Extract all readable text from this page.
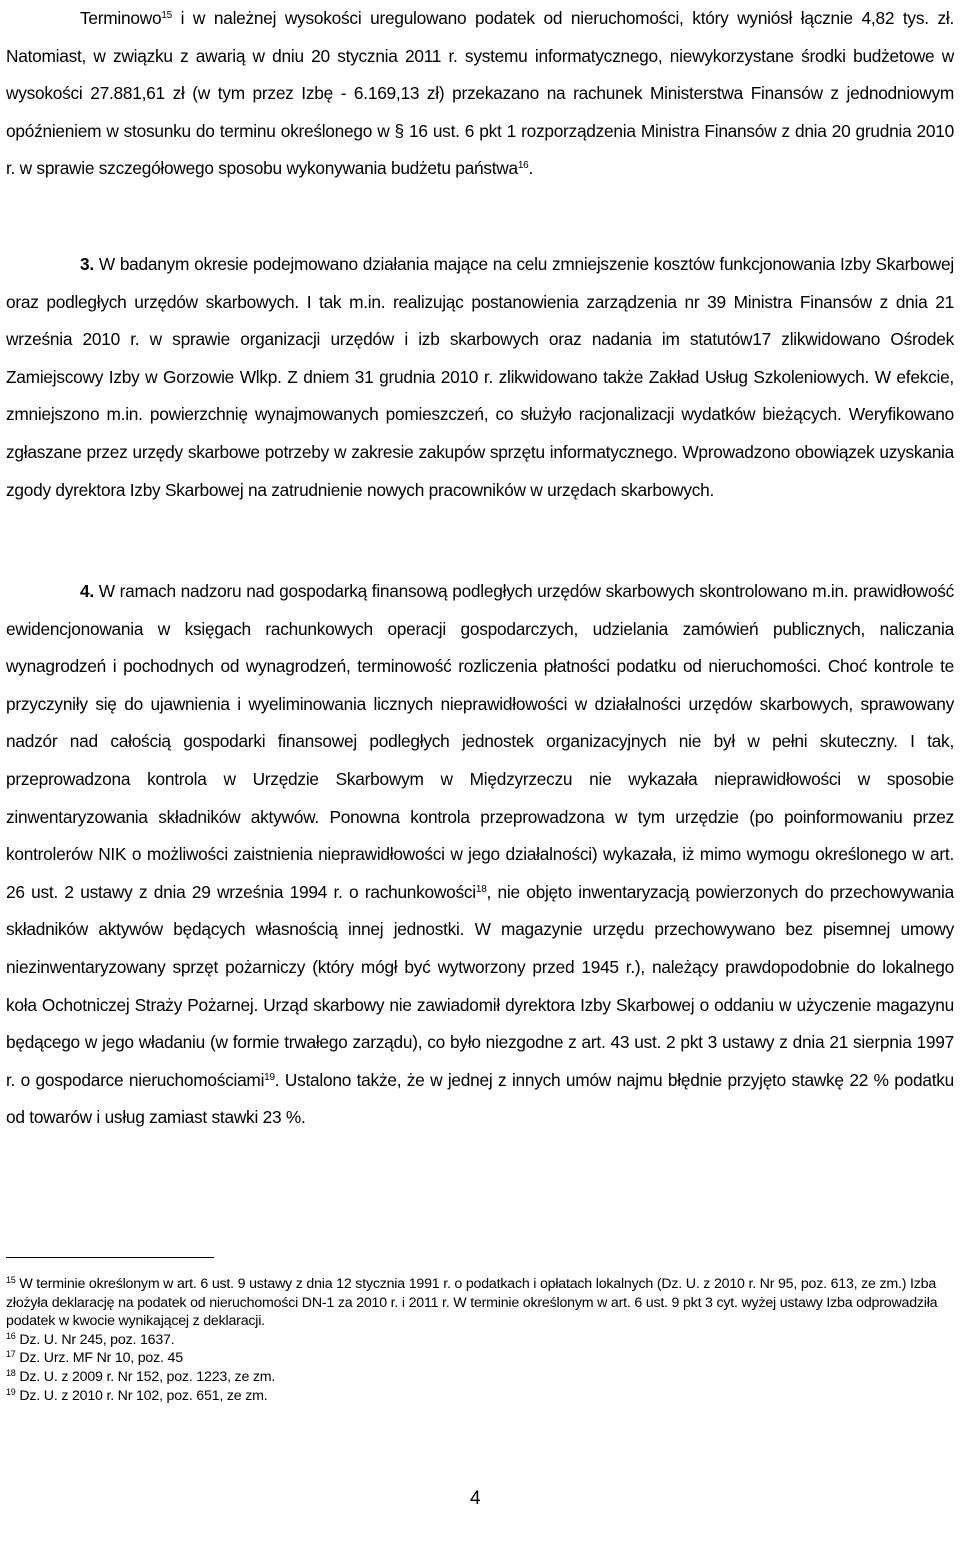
Terminowo$^{15}$ i w należnej wysokości uregulowano podatek od nieruchomości, który wyniósł łącznie 4,82 tys. zł. Natomiast, w związku z awarią w dniu 20 stycznia 2011 r. systemu informatycznego, niewykorzystane środki budżetowe w wysokości 27.881,61 zł (w tym przez Izbę - 6.169,13 zł) przekazano na rachunek Ministerstwa Finansów z jednodniowym opóźnieniem w stosunku do terminu określonego w § 16 ust. 6 pkt 1 rozporządzenia Ministra Finansów z dnia 20 grudnia 2010 r. w sprawie szczegółowego sposobu wykonywania budżetu państwa$^{16}$.

3. W badanym okresie podejmowano działania mające na celu zmniejszenie kosztów funkcjonowania Izby Skarbowej oraz podległych urzędów skarbowych. I tak m.in. realizując postanowienia zarządzenia nr 39 Ministra Finansów z dnia 21 września 2010 r. w sprawie organizacji urzędów i izb skarbowych oraz nadania im statutów17 zlikwidowano Ośrodek Zamiejscowy Izby w Gorzowie Wlkp. Z dniem 31 grudnia 2010 r. zlikwidowano także Zakład Usług Szkoleniowych. W efekcie, zmniejszono m.in. powierzchnię wynajmowanych pomieszczeń, co służyło racjonalizacji wydatków bieżących. Weryfikowano zgłaszane przez urzędy skarbowe potrzeby w zakresie zakupów sprzętu informatycznego. Wprowadzono obowiązek uzyskania zgody dyrektora Izby Skarbowej na zatrudnienie nowych pracowników w urzędach skarbowych.

4. W ramach nadzoru nad gospodarką finansową podległych urzędów skarbowych skontrolowano m.in. prawidłowość ewidencjonowania w księgach rachunkowych operacji gospodarczych, udzielania zamówień publicznych, naliczania wynagrodzeń i pochodnych od wynagrodzeń, terminowość rozliczenia płatności podatku od nieruchomości. Choć kontrole te przyczyniły się do ujawnienia i wyeliminowania licznych nieprawidłowości w działalności urzędów skarbowych, sprawowany nadzór nad całością gospodarki finansowej podległych jednostek organizacyjnych nie był w pełni skuteczny. I tak, przeprowadzona kontrola w Urzędzie Skarbowym w Międzyrzeczu nie wykazała nieprawidłowości w sposobie zinwentaryzowania składników aktywów. Ponowna kontrola przeprowadzona w tym urzędzie (po poinformowaniu przez kontrolerów NIK o możliwości zaistnienia nieprawidłowości w jego działalności) wykazała, iż mimo wymogu określonego w art. 26 ust. 2 ustawy z dnia 29 września 1994 r. o rachunkowości$^{18}$, nie objęto inwentaryzacją powierzonych do przechowywania składników aktywów będących własnością innej jednostki. W magazynie urzędu przechowywano bez pisemnej umowy niezinwentaryzowany sprzęt pożarniczy (który mógł być wytworzony przed 1945 r.), należący prawdopodobnie do lokalnego koła Ochotniczej Straży Pożarnej. Urząd skarbowy nie zawiadomił dyrektora Izby Skarbowej o oddaniu w użyczenie magazynu będącego w jego władaniu (w formie trwałego zarządu), co było niezgodne z art. 43 ust. 2 pkt 3 ustawy z dnia 21 sierpnia 1997 r. o gospodarce nieruchomościami$^{19}$. Ustalono także, że w jednej z innych umów najmu błędnie przyjęto stawkę 22 % podatku od towarów i usług zamiast stawki 23 %.

$^{15}$ W terminie określonym w art. 6 ust. 9 ustawy z dnia 12 stycznia 1991 r. o podatkach i opłatach lokalnych (Dz. U. z 2010 r. Nr 95, poz. 613, ze zm.) Izba złożyła deklarację na podatek od nieruchomości DN-1 za 2010 r. i 2011 r. W terminie określonym w art. 6 ust. 9 pkt 3 cyt. wyżej ustawy Izba odprowadziła podatek w kwocie wynikającej z deklaracji.

$^{16}$ Dz. U. Nr 245, poz. 1637.

$^{17}$ Dz. Urz. MF Nr 10, poz. 45

$^{18}$ Dz. U. z 2009 r. Nr 152, poz. 1223, ze zm.

$^{19}$ Dz. U. z 2010 r. Nr 102, poz. 651, ze zm.

4
